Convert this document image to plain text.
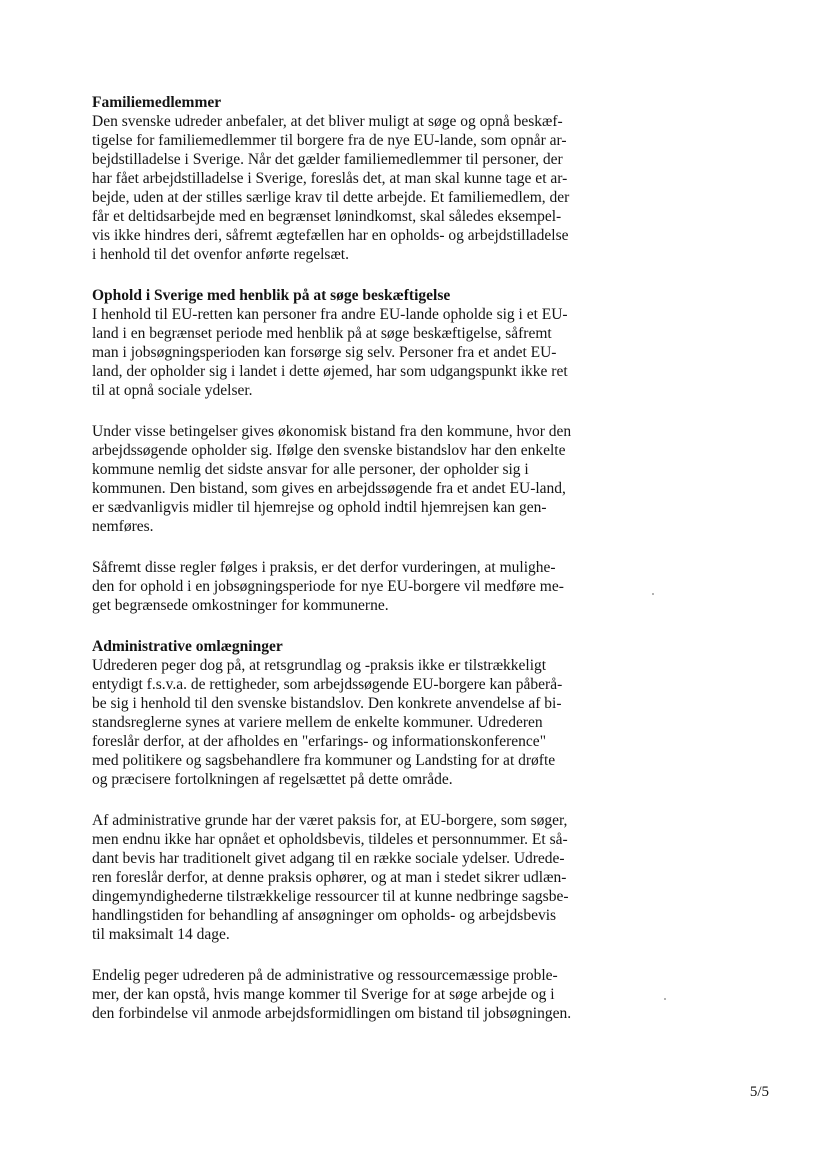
Familiemedlemmer
Den svenske udreder anbefaler, at det bliver muligt at søge og opnå beskæf-
tigelse for familiemedlemmer til borgere fra de nye EU-lande, som opnår ar-
bejdstilladelse i Sverige. Når det gælder familiemedlemmer til personer, der
har fået arbejdstilladelse i Sverige, foreslås det, at man skal kunne tage et ar-
bejde, uden at der stilles særlige krav til dette arbejde. Et familiemedlem, der
får et deltidsarbejde med en begrænset lønindkomst, skal således eksempel-
vis ikke hindres deri, såfremt ægtefællen har en opholds- og arbejdstilladelse
i henhold til det ovenfor anførte regelsæt.
Ophold i Sverige med henblik på at søge beskæftigelse
I henhold til EU-retten kan personer fra andre EU-lande opholde sig i et EU-
land i en begrænset periode med henblik på at søge beskæftigelse, såfremt
man i jobsøgningsperioden kan forsørge sig selv. Personer fra et andet EU-
land, der opholder sig i landet i dette øjemed, har som udgangspunkt ikke ret
til at opnå sociale ydelser.
Under visse betingelser gives økonomisk bistand fra den kommune, hvor den
arbejdssøgende opholder sig. Ifølge den svenske bistandslov har den enkelte
kommune nemlig det sidste ansvar for alle personer, der opholder sig i
kommunen. Den bistand, som gives en arbejdssøgende fra et andet EU-land,
er sædvanligvis midler til hjemrejse og ophold indtil hjemrejsen kan gen-
nemføres.
Såfremt disse regler følges i praksis, er det derfor vurderingen, at mulighe-
den for ophold i en jobsøgningsperiode for nye EU-borgere vil medføre me-
get begrænsede omkostninger for kommunerne.
Administrative omlægninger
Udrederen peger dog på, at retsgrundlag og -praksis ikke er tilstrækkeligt
entydigt f.s.v.a. de rettigheder, som arbejdssøgende EU-borgere kan påberå-
be sig i henhold til den svenske bistandslov. Den konkrete anvendelse af bi-
standsreglerne synes at variere mellem de enkelte kommuner. Udrederen
foreslår derfor, at der afholdes en "erfarings- og informationskonference"
med politikere og sagsbehandlere fra kommuner og Landsting for at drøfte
og præcisere fortolkningen af regelsættet på dette område.
Af administrative grunde har der været paksis for, at EU-borgere, som søger,
men endnu ikke har opnået et opholdsbevis, tildeles et personnummer. Et så-
dant bevis har traditionelt givet adgang til en række sociale ydelser. Udrede-
ren foreslår derfor, at denne praksis ophører, og at man i stedet sikrer udlæn-
dingemyndighederne tilstrækkelige ressourcer til at kunne nedbringe sagsbe-
handlingstiden for behandling af ansøgninger om opholds- og arbejdsbevis
til maksimalt 14 dage.
Endelig peger udrederen på de administrative og ressourcemæssige proble-
mer, der kan opstå, hvis mange kommer til Sverige for at søge arbejde og i
den forbindelse vil anmode arbejdsformidlingen om bistand til jobsøgningen.
5/5
